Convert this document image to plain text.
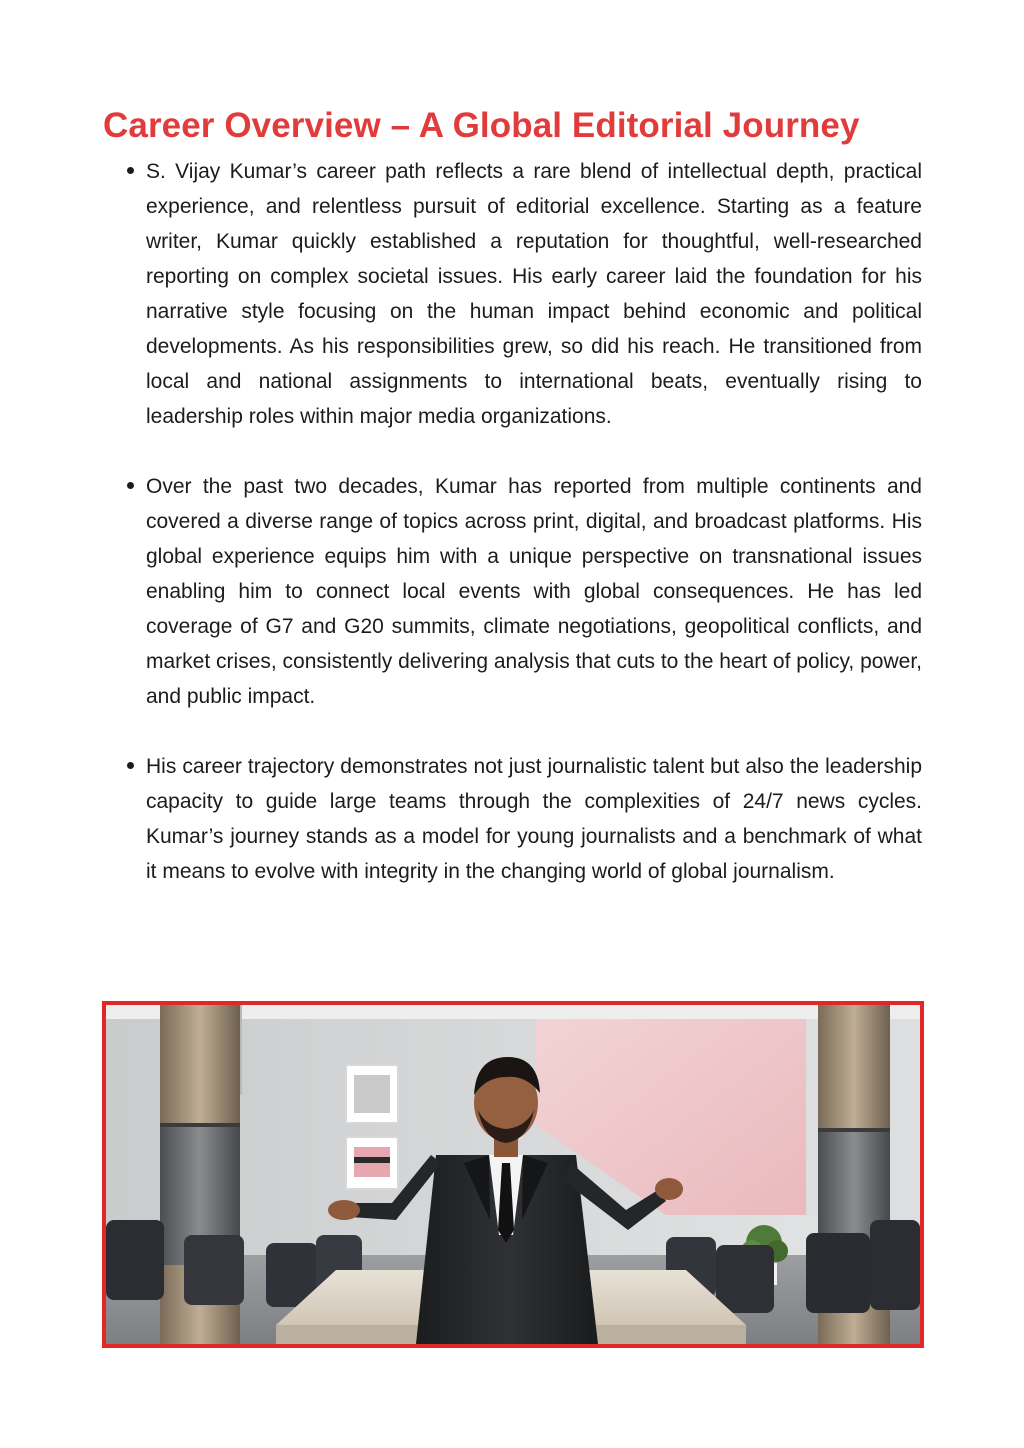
Career Overview – A Global Editorial Journey
S. Vijay Kumar’s career path reflects a rare blend of intellectual depth, practical experience, and relentless pursuit of editorial excellence. Starting as a feature writer, Kumar quickly established a reputation for thoughtful, well-researched reporting on complex societal issues. His early career laid the foundation for his narrative style focusing on the human impact behind economic and political developments. As his responsibilities grew, so did his reach. He transitioned from local and national assignments to international beats, eventually rising to leadership roles within major media organizations.
Over the past two decades, Kumar has reported from multiple continents and covered a diverse range of topics across print, digital, and broadcast platforms. His global experience equips him with a unique perspective on transnational issues enabling him to connect local events with global consequences. He has led coverage of G7 and G20 summits, climate negotiations, geopolitical conflicts, and market crises, consistently delivering analysis that cuts to the heart of policy, power, and public impact.
His career trajectory demonstrates not just journalistic talent but also the leadership capacity to guide large teams through the complexities of 24/7 news cycles. Kumar’s journey stands as a model for young journalists and a benchmark of what it means to evolve with integrity in the changing world of global journalism.
